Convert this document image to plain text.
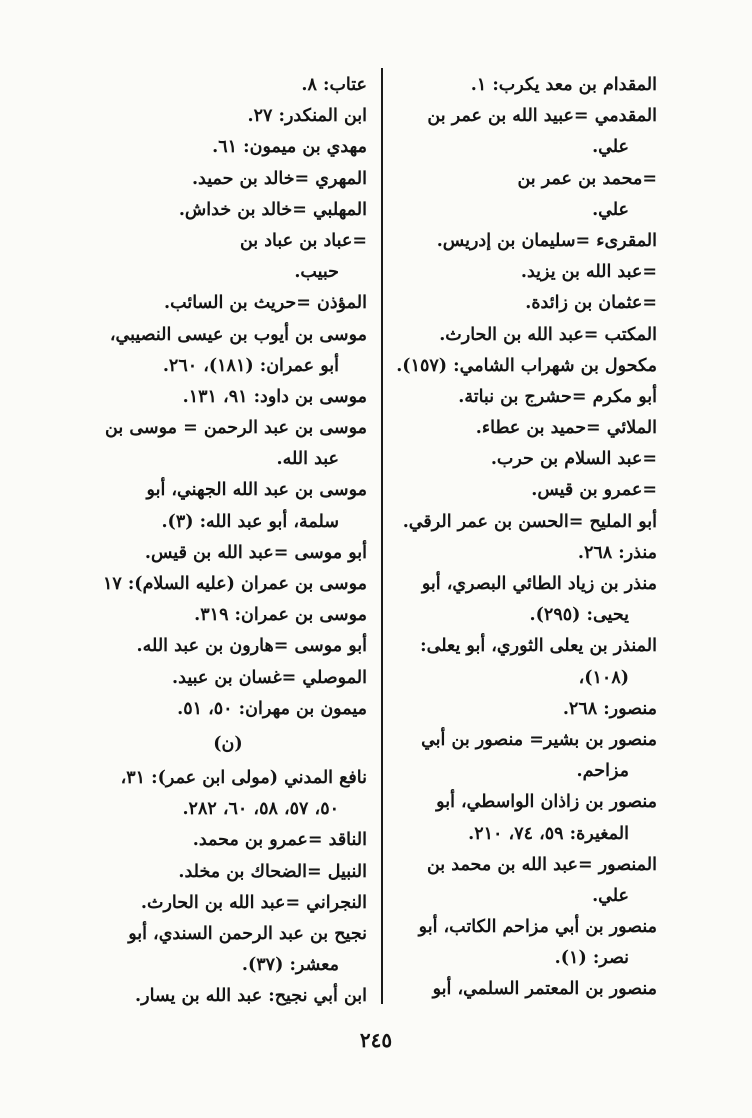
المقدام بن معد يكرب: ١.
المقدمي =عبيد الله بن عمر بن
علي.
=محمد بن عمر بن
علي.
المقرىء =سليمان بن إدريس.
=عبد الله بن يزيد.
=عثمان بن زائدة.
المكتب =عبد الله بن الحارث.
مكحول بن شهراب الشامي: (١٥٧).
أبو مكرم =حشرج بن نباتة.
الملائي =حميد بن عطاء.
=عبد السلام بن حرب.
=عمرو بن قيس.
أبو المليح =الحسن بن عمر الرقي.
منذر: ٢٦٨.
منذر بن زياد الطائي البصري، أبو
يحيى: (٢٩٥).
المنذر بن يعلى الثوري، أبو يعلى:
(١٠٨)،
منصور: ٢٦٨.
منصور بن بشير= منصور بن أبي
مزاحم.
منصور بن زاذان الواسطي، أبو
المغيرة: ٥٩، ٧٤، ٢١٠.
المنصور =عبد الله بن محمد بن
علي.
منصور بن أبي مزاحم الكاتب، أبو
نصر: (١).
منصور بن المعتمر السلمي، أبو
عتاب: ٨.
ابن المنكدر: ٢٧.
مهدي بن ميمون: ٦١.
المهري =خالد بن حميد.
المهلبي =خالد بن خداش.
=عباد بن عباد بن
حبيب.
المؤذن =حريث بن السائب.
موسى بن أيوب بن عيسى النصيبي،
أبو عمران: (١٨١)، ٢٦٠.
موسى بن داود: ٩١، ١٣١.
موسى بن عبد الرحمن = موسى بن
عبد الله.
موسى بن عبد الله الجهني، أبو
سلمة، أبو عبد الله: (٣).
أبو موسى =عبد الله بن قيس.
موسى بن عمران (عليه السلام): ١٧
موسى بن عمران: ٣١٩.
أبو موسى =هارون بن عبد الله.
الموصلي =غسان بن عبيد.
ميمون بن مهران: ٥٠، ٥١.
(ن)
نافع المدني (مولى ابن عمر): ٣١،
٥٠، ٥٧، ٥٨، ٦٠، ٢٨٢.
الناقد =عمرو بن محمد.
النبيل =الضحاك بن مخلد.
النجراني =عبد الله بن الحارث.
نجيح بن عبد الرحمن السندي، أبو
معشر: (٣٧).
ابن أبي نجيح: عبد الله بن يسار.
٢٤٥
